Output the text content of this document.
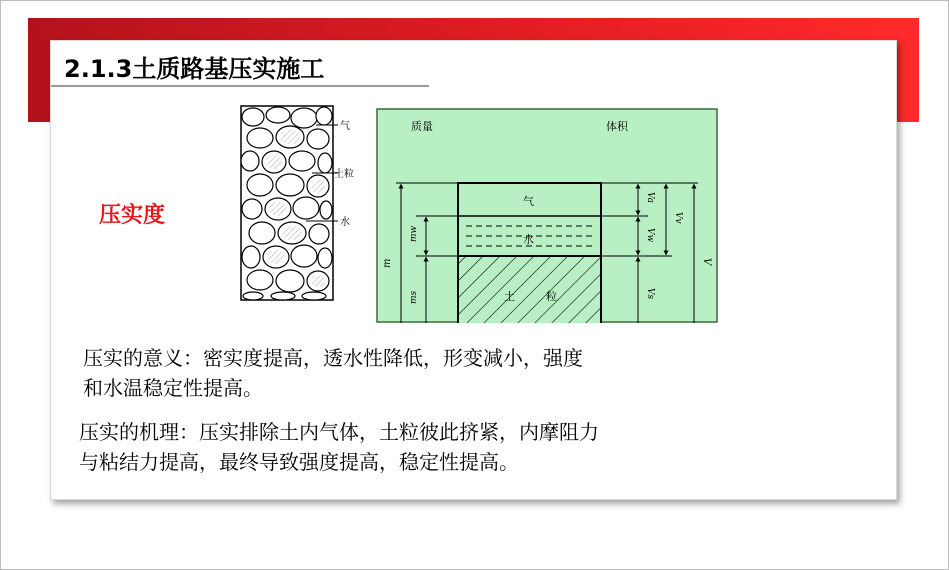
2.1.3土质路基压实施工
压实度
气
土粒
水
质量	体积
气
水
土	粒
m
mw
ms
Va
Vw
Vv
Vs
V
压实的意义：密实度提高，透水性降低，形变减小，强度
和水温稳定性提高。
压实的机理：压实排除土内气体，土粒彼此挤紧，内摩阻力
与粘结力提高，最终导致强度提高，稳定性提高。
